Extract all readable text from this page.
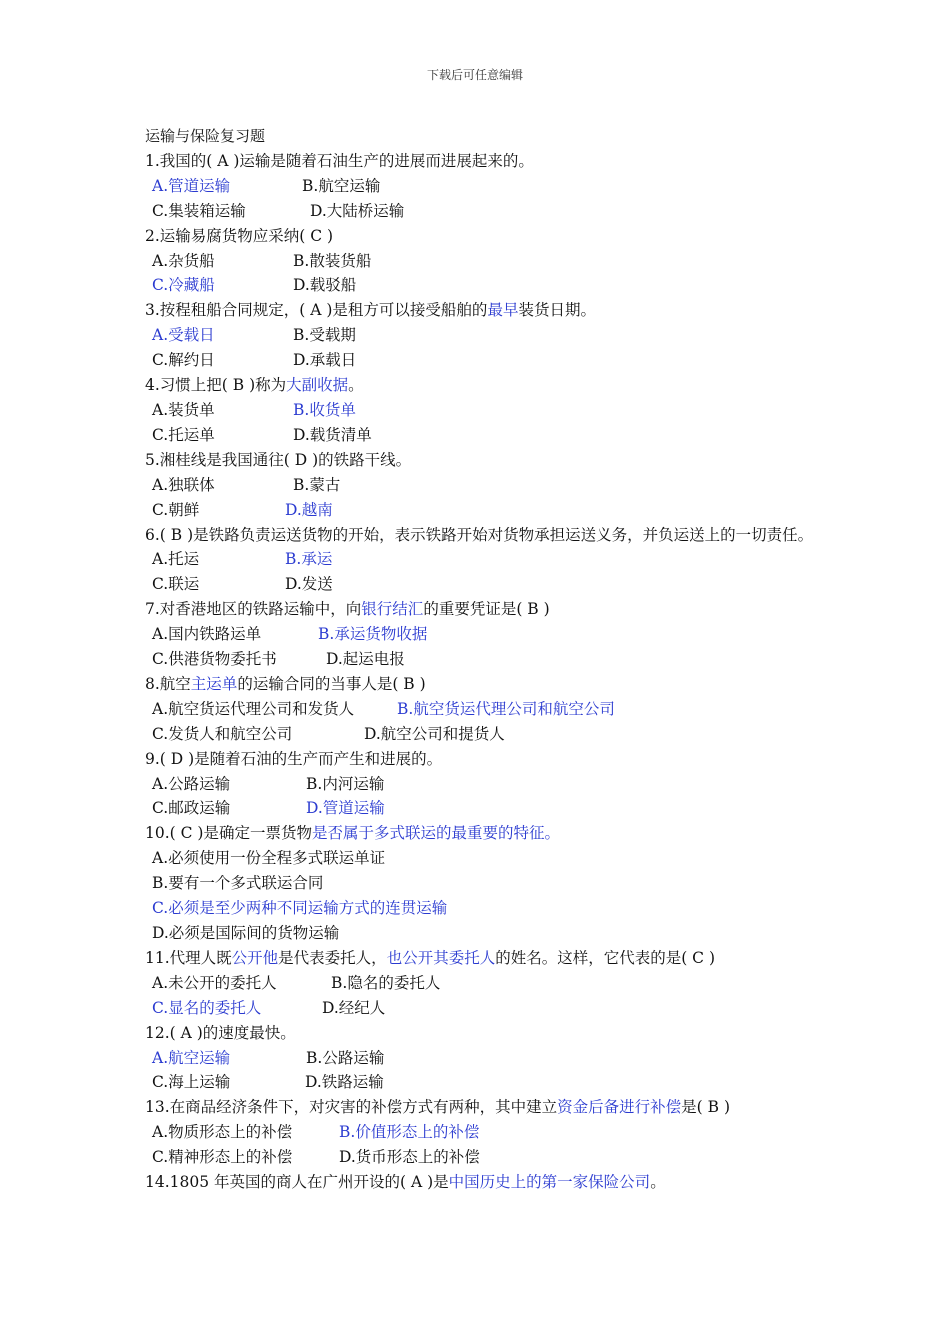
下载后可任意编辑
运输与保险复习题
1.我国的( A )运输是随着石油生产的进展而进展起来的。
A.管道运输	B.航空运输
C.集装箱运输	D.大陆桥运输
2.运输易腐货物应采纳( C )
A.杂货船	B.散装货船
C.冷藏船	D.载驳船
3.按程租船合同规定，( A )是租方可以接受船舶的最早装货日期。
A.受载日	B.受载期
C.解约日	D.承载日
4.习惯上把( B )称为大副收据。
A.装货单	B.收货单
C.托运单	D.载货清单
5.湘桂线是我国通往( D )的铁路干线。
A.独联体	B.蒙古
C.朝鲜	D.越南
6.( B )是铁路负责运送货物的开始，表示铁路开始对货物承担运送义务，并负运送上的一切责任。
A.托运	B.承运
C.联运	D.发送
7.对香港地区的铁路运输中，向银行结汇的重要凭证是( B )
A.国内铁路运单	B.承运货物收据
C.供港货物委托书	D.起运电报
8.航空主运单的运输合同的当事人是( B )
A.航空货运代理公司和发货人	B.航空货运代理公司和航空公司
C.发货人和航空公司	D.航空公司和提货人
9.( D )是随着石油的生产而产生和进展的。
A.公路运输	B.内河运输
C.邮政运输	D.管道运输
10.( C )是确定一票货物是否属于多式联运的最重要的特征。
A.必须使用一份全程多式联运单证
B.要有一个多式联运合同
C.必须是至少两种不同运输方式的连贯运输
D.必须是国际间的货物运输
11.代理人既公开他是代表委托人，也公开其委托人的姓名。这样，它代表的是( C )
A.未公开的委托人	B.隐名的委托人
C.显名的委托人	D.经纪人
12.( A )的速度最快。
A.航空运输	B.公路运输
C.海上运输	D.铁路运输
13.在商品经济条件下，对灾害的补偿方式有两种，其中建立资金后备进行补偿是( B )
A.物质形态上的补偿	B.价值形态上的补偿
C.精神形态上的补偿	D.货币形态上的补偿
14.1805 年英国的商人在广州开设的( A )是中国历史上的第一家保险公司。
